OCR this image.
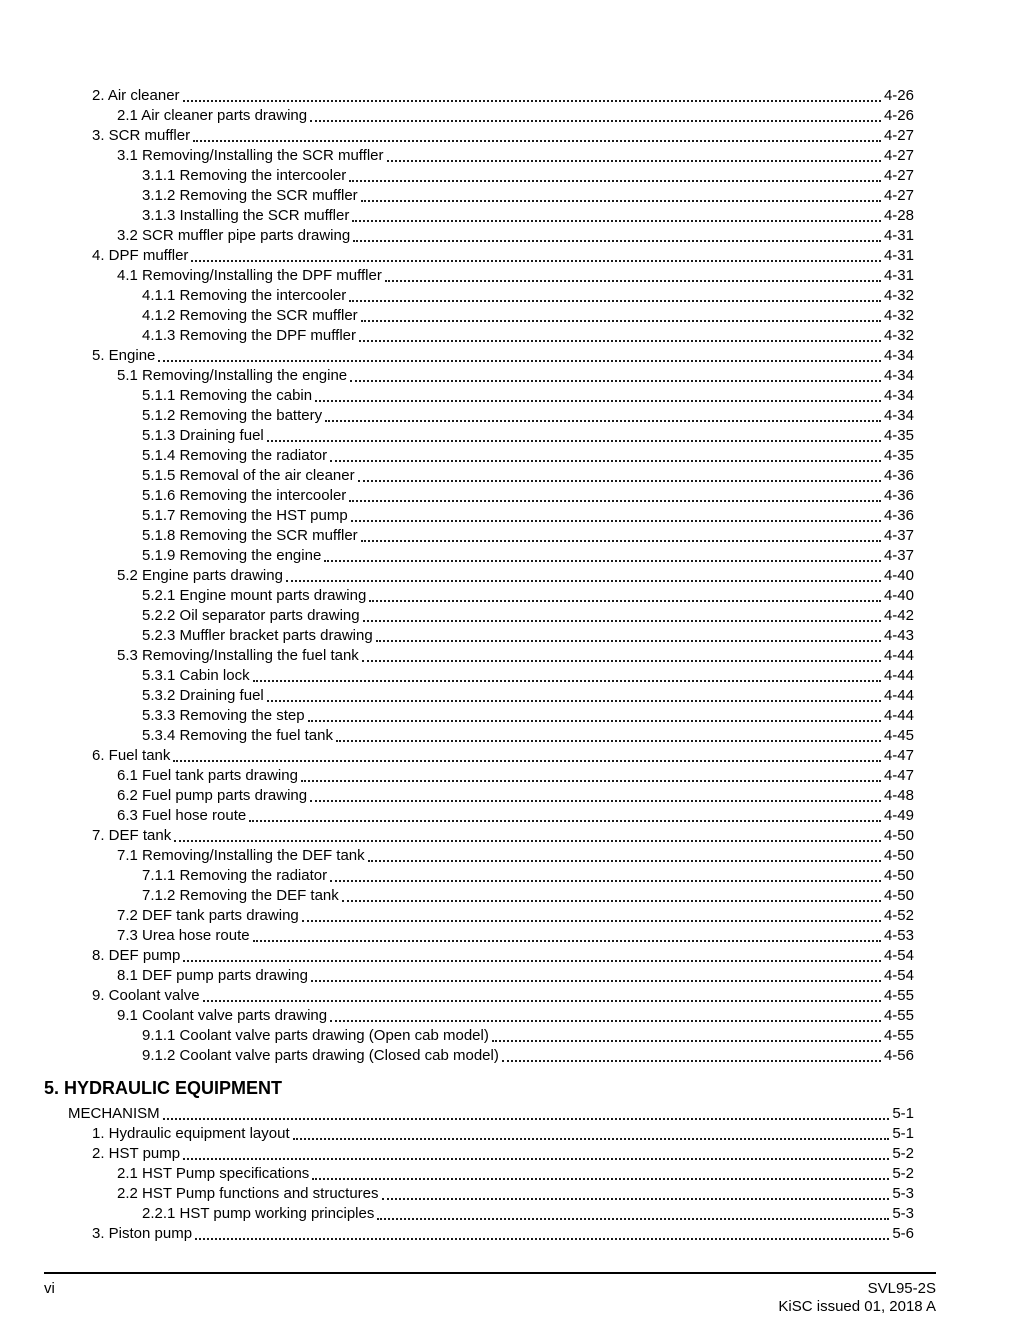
2. Air cleaner	4-26
2.1 Air cleaner parts drawing	4-26
3. SCR muffler	4-27
3.1 Removing/Installing the SCR muffler	4-27
3.1.1 Removing the intercooler	4-27
3.1.2 Removing the SCR muffler	4-27
3.1.3 Installing the SCR muffler	4-28
3.2 SCR muffler pipe parts drawing	4-31
4. DPF muffler	4-31
4.1 Removing/Installing the DPF muffler	4-31
4.1.1 Removing the intercooler	4-32
4.1.2 Removing the SCR muffler	4-32
4.1.3 Removing the DPF muffler	4-32
5. Engine	4-34
5.1 Removing/Installing the engine	4-34
5.1.1 Removing the cabin	4-34
5.1.2 Removing the battery	4-34
5.1.3 Draining fuel	4-35
5.1.4 Removing the radiator	4-35
5.1.5 Removal of the air cleaner	4-36
5.1.6 Removing the intercooler	4-36
5.1.7 Removing the HST pump	4-36
5.1.8 Removing the SCR muffler	4-37
5.1.9 Removing the engine	4-37
5.2 Engine parts drawing	4-40
5.2.1 Engine mount parts drawing	4-40
5.2.2 Oil separator parts drawing	4-42
5.2.3 Muffler bracket parts drawing	4-43
5.3 Removing/Installing the fuel tank	4-44
5.3.1 Cabin lock	4-44
5.3.2 Draining fuel	4-44
5.3.3 Removing the step	4-44
5.3.4 Removing the fuel tank	4-45
6. Fuel tank	4-47
6.1 Fuel tank parts drawing	4-47
6.2 Fuel pump parts drawing	4-48
6.3 Fuel hose route	4-49
7. DEF tank	4-50
7.1 Removing/Installing the DEF tank	4-50
7.1.1 Removing the radiator	4-50
7.1.2 Removing the DEF tank	4-50
7.2 DEF tank parts drawing	4-52
7.3 Urea hose route	4-53
8. DEF pump	4-54
8.1 DEF pump parts drawing	4-54
9. Coolant valve	4-55
9.1 Coolant valve parts drawing	4-55
9.1.1 Coolant valve parts drawing (Open cab model)	4-55
9.1.2 Coolant valve parts drawing (Closed cab model)	4-56
5. HYDRAULIC EQUIPMENT
MECHANISM	5-1
1. Hydraulic equipment layout	5-1
2. HST pump	5-2
2.1 HST Pump specifications	5-2
2.2 HST Pump functions and structures	5-3
2.2.1 HST pump working principles	5-3
3. Piston pump	5-6
vi	SVL95-2S
KiSC issued 01, 2018 A
